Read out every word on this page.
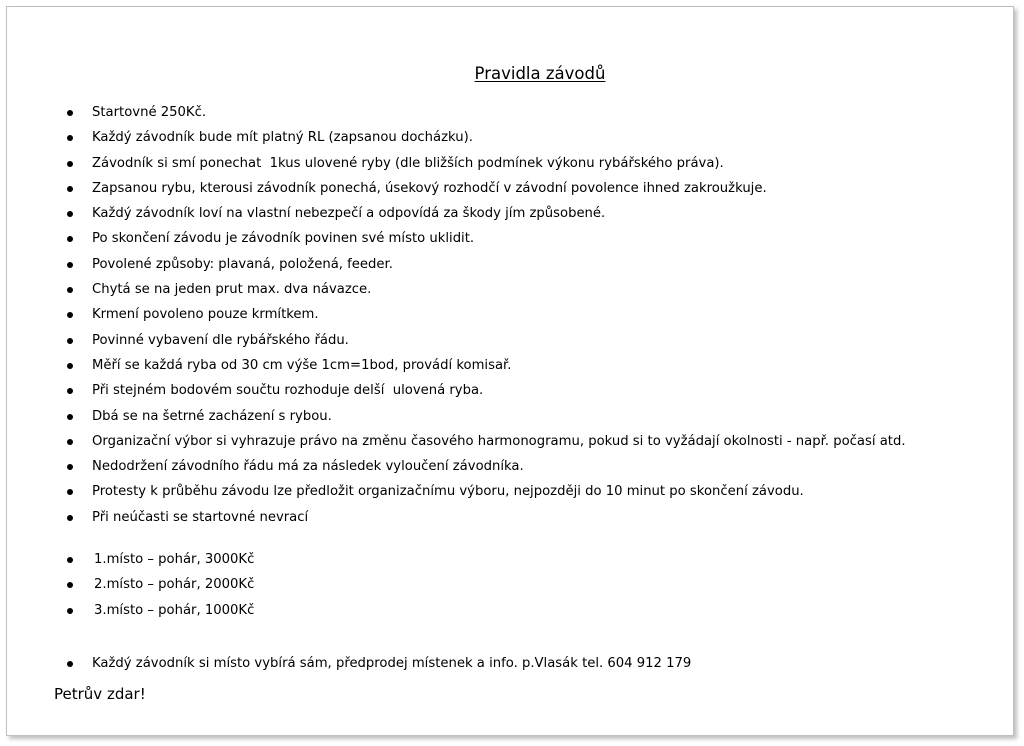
Pravidla závodů
Startovné 250Kč.
Každý závodník bude mít platný RL (zapsanou docházku).
Závodník si smí ponechat  1kus ulovené ryby (dle bližších podmínek výkonu rybářského práva).
Zapsanou rybu, kterousi závodník ponechá, úsekový rozhodčí v závodní povolence ihned zakroužkuje.
Každý závodník loví na vlastní nebezpečí a odpovídá za škody jím způsobené.
Po skončení závodu je závodník povinen své místo uklidit.
Povolené způsoby: plavaná, položená, feeder.
Chytá se na jeden prut max. dva návazce.
Krmení povoleno pouze krmítkem.
Povinné vybavení dle rybářského řádu.
Měří se každá ryba od 30 cm výše 1cm=1bod, provádí komisař.
Při stejném bodovém součtu rozhoduje delší  ulovená ryba.
Dbá se na šetrné zacházení s rybou.
Organizační výbor si vyhrazuje právo na změnu časového harmonogramu, pokud si to vyžádají okolnosti - např. počasí atd.
Nedodržení závodního řádu má za následek vyloučení závodníka.
Protesty k průběhu závodu lze předložit organizačnímu výboru, nejpozději do 10 minut po skončení závodu.
Při neúčasti se startovné nevrací
1.místo – pohár, 3000Kč
2.místo – pohár, 2000Kč
3.místo – pohár, 1000Kč
Každý závodník si místo vybírá sám, předprodej místenek a info. p.Vlasák tel. 604 912 179
Petrův zdar!
